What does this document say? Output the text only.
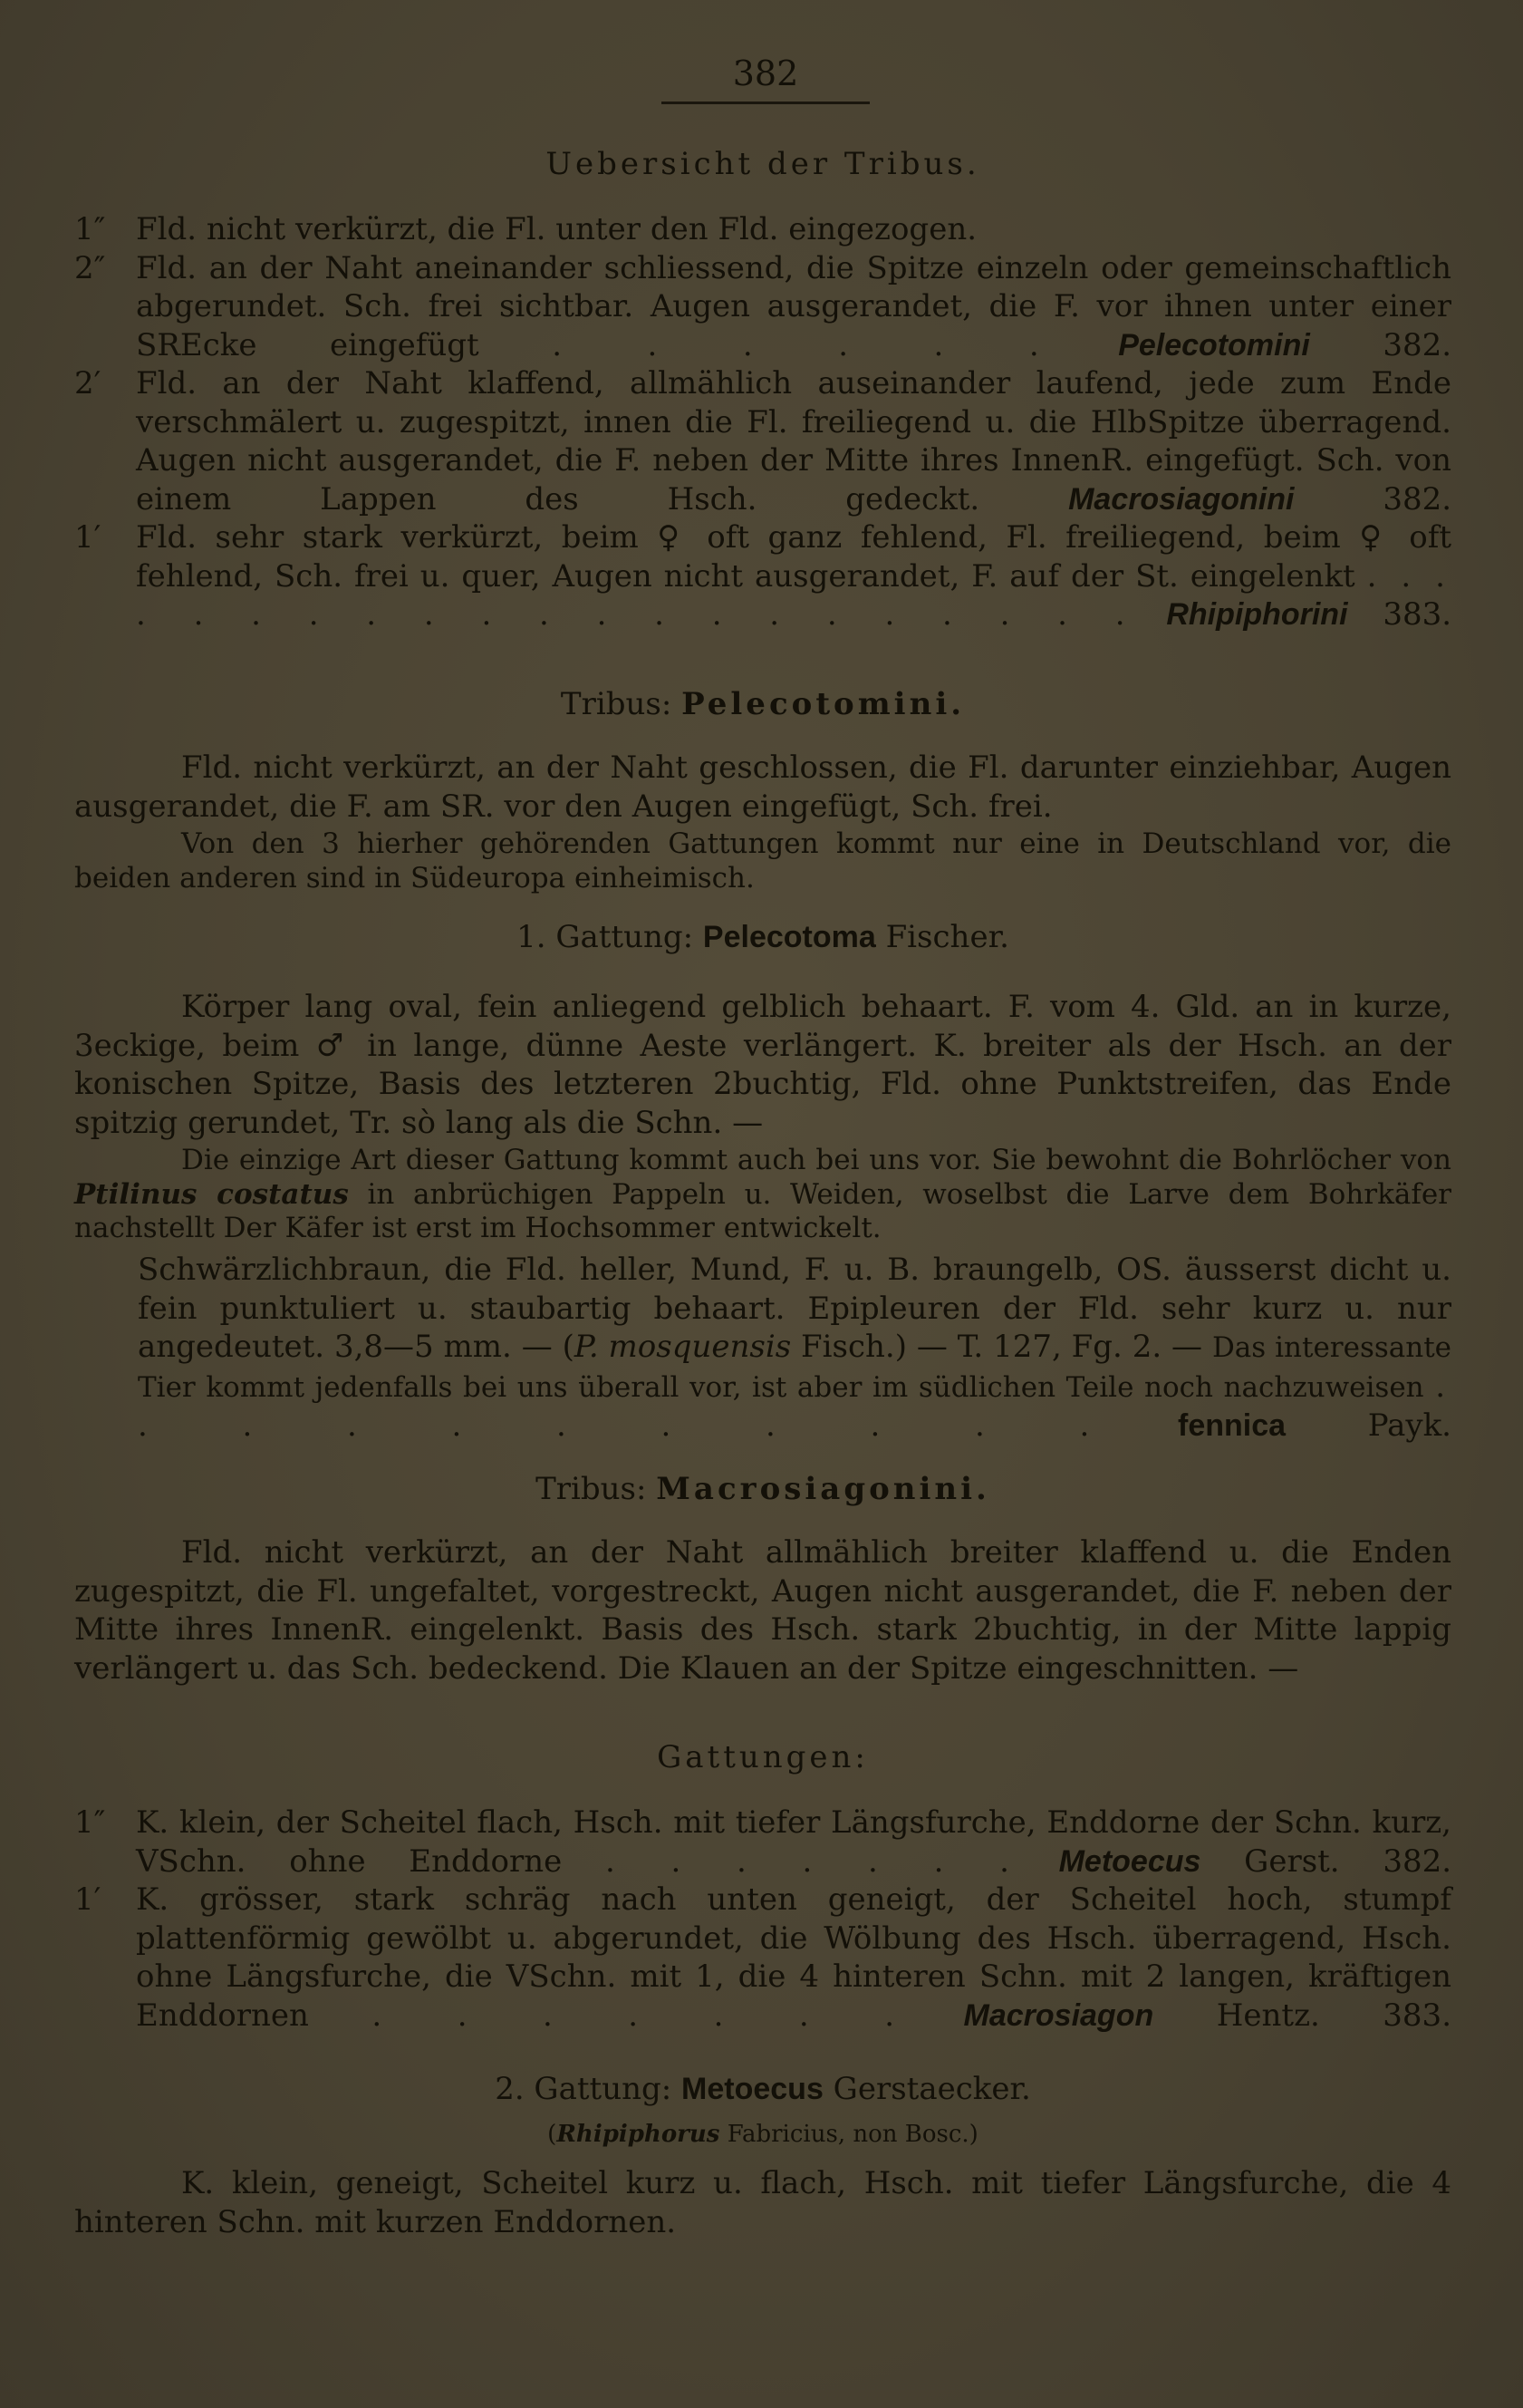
382
Uebersicht der Tribus.

1″ Fld. nicht verkürzt, die Fl. unter den Fld. eingezogen.

2″ Fld. an der Naht aneinander schliessend, die Spitze einzeln oder gemeinschaftlich abgerundet. Sch. frei sichtbar. Augen ausgerandet, die F. vor ihnen unter einer SREcke eingefügt . . . . . . Pelecotomini 382.

2′ Fld. an der Naht klaffend, allmählich auseinander laufend, jede zum Ende verschmälert u. zugespitzt, innen die Fl. freiliegend u. die HlbSpitze überragend. Augen nicht ausgerandet, die F. neben der Mitte ihres InnenR. eingefügt. Sch. von einem Lappen des Hsch. gedeckt.	Macrosiagonini	382.

1′ Fld. sehr stark verkürzt, beim ♀ oft ganz fehlend, Fl. freiliegend, beim ♀ oft fehlend, Sch. frei u. quer, Augen nicht ausgerandet, F. auf der St. eingelenkt . . . . . . . . . . . . . . . . . . . . . Rhipiphorini 383.

Tribus: Pelecotomini.

Fld. nicht verkürzt, an der Naht geschlossen, die Fl. darunter einziehbar, Augen ausgerandet, die F. am SR. vor den Augen eingefügt, Sch. frei.

Von den 3 hierher gehörenden Gattungen kommt nur eine in Deutschland vor, die beiden anderen sind in Südeuropa einheimisch.

1. Gattung: Pelecotoma Fischer.

Körper lang oval, fein anliegend gelblich behaart. F. vom 4. Gld. an in kurze, 3eckige, beim ♂ in lange, dünne Aeste verlängert. K. breiter als der Hsch. an der konischen Spitze, Basis des letzteren 2buchtig, Fld. ohne Punktstreifen, das Ende spitzig gerundet, Tr. sò lang als die Schn. —

Die einzige Art dieser Gattung kommt auch bei uns vor. Sie bewohnt die Bohrlöcher von Ptilinus costatus in anbrüchigen Pappeln u. Weiden, woselbst die Larve dem Bohrkäfer nachstellt Der Käfer ist erst im Hochsommer entwickelt.

Schwärzlichbraun, die Fld. heller, Mund, F. u. B. braungelb, OS. äusserst dicht u. fein punktuliert u. staubartig behaart. Epipleuren der Fld. sehr kurz u. nur angedeutet. 3,8—5 mm. — (P. mosquensis Fisch.) — T. 127, Fg. 2. — Das interessante Tier kommt jedenfalls bei uns überall vor, ist aber im südlichen Teile noch nachzuweisen . . . . . . . . . . .	fennica	Payk.

Tribus: Macrosiagonini.

Fld. nicht verkürzt, an der Naht allmählich breiter klaffend u. die Enden zugespitzt, die Fl. ungefaltet, vorgestreckt, Augen nicht ausgerandet, die F. neben der Mitte ihres InnenR. eingelenkt. Basis des Hsch. stark 2buchtig, in der Mitte lappig verlängert u. das Sch. bedeckend. Die Klauen an der Spitze eingeschnitten. —

Gattungen:

1″ K. klein, der Scheitel flach, Hsch. mit tiefer Längsfurche, Enddorne der Schn. kurz, VSchn. ohne Enddorne . . . . . . . Metoecus Gerst. 382.

1′ K. grösser, stark schräg nach unten geneigt, der Scheitel hoch, stumpf plattenförmig gewölbt u. abgerundet, die Wölbung des Hsch. überragend, Hsch. ohne Längsfurche, die VSchn. mit 1, die 4 hinteren Schn. mit 2 langen, kräftigen Enddornen . . . . . . . Macrosiagon Hentz. 383.

2. Gattung: Metoecus Gerstaecker.
(Rhipiphorus Fabricius, non Bosc.)

K. klein, geneigt, Scheitel kurz u. flach, Hsch. mit tiefer Längsfurche, die 4 hinteren Schn. mit kurzen Enddornen.
